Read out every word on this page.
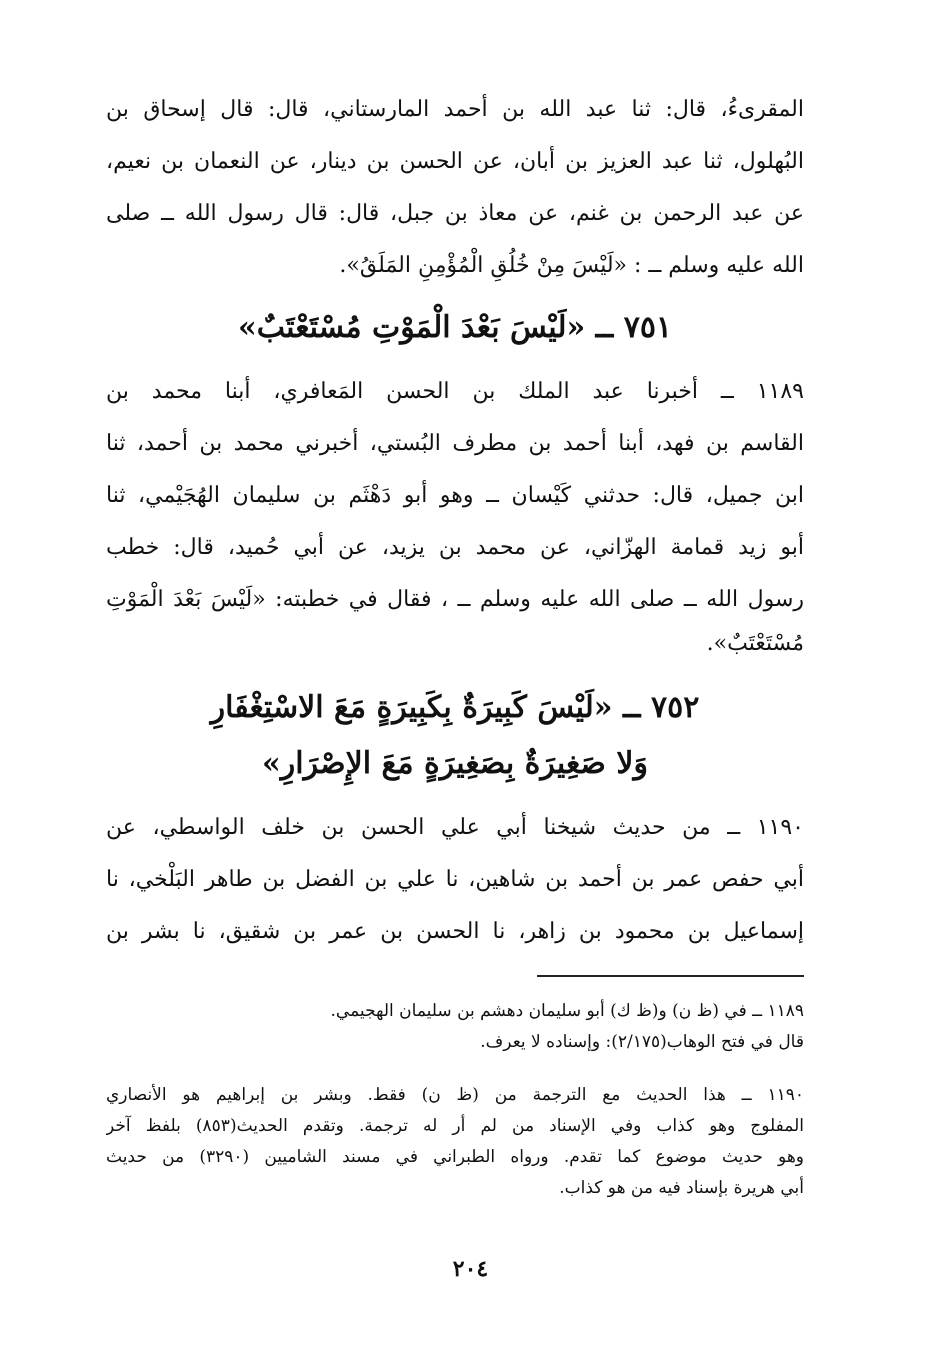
المقرىءُ، قال: ثنا عبد الله بن أحمد المارستاني، قال: قال إسحاق بن
البُهلول، ثنا عبد العزيز بن أبان، عن الحسن بن دينار، عن النعمان بن نعيم،
عن عبد الرحمن بن غنم، عن معاذ بن جبل، قال: قال رسول الله ــ صلى
الله عليه وسلم ــ : «لَيْسَ مِنْ خُلُقِ الْمُؤْمِنِ المَلَقُ».
٧٥١ ــ «لَيْسَ بَعْدَ الْمَوْتِ مُسْتَعْتَبٌ»
١١٨٩ ــ أخبرنا عبد الملك بن الحسن المَعافري، أبنا محمد بن
القاسم بن فهد، أبنا أحمد بن مطرف البُستي، أخبرني محمد بن أحمد، ثنا
ابن جميل، قال: حدثني كَيْسان ــ وهو أبو دَهْثَم بن سليمان الهُجَيْمي، ثنا
أبو زيد قمامة الهزّاني، عن محمد بن يزيد، عن أبي حُميد، قال: خطب
رسول الله ــ صلى الله عليه وسلم ــ ، فقال في خطبته: «لَيْسَ بَعْدَ الْمَوْتِ
مُسْتَعْتَبٌ».
٧٥٢ ــ «لَيْسَ كَبِيرَةٌ بِكَبِيرَةٍ مَعَ الاسْتِغْفَارِ
وَلا صَغِيرَةٌ بِصَغِيرَةٍ مَعَ الإِصْرَارِ»
١١٩٠ ــ من حديث شيخنا أبي علي الحسن بن خلف الواسطي، عن
أبي حفص عمر بن أحمد بن شاهين، نا علي بن الفضل بن طاهر البَلْخي، نا
إسماعيل بن محمود بن زاهر، نا الحسن بن عمر بن شقيق، نا بشر بن
١١٨٩ ــ في (ظ ن) و(ظ ك) أبو سليمان دهشم بن سليمان الهجيمي.
قال في فتح الوهاب(٢/١٧٥): وإسناده لا يعرف.
١١٩٠ ــ هذا الحديث مع الترجمة من (ظ ن) فقط. وبشر بن إبراهيم هو الأنصاري
المفلوج وهو كذاب وفي الإسناد من لم أر له ترجمة. وتقدم الحديث(٨٥٣) بلفظ آخر
وهو حديث موضوع كما تقدم. ورواه الطبراني في مسند الشاميين (٣٢٩٠) من حديث
أبي هريرة بإسناد فيه من هو كذاب.
٢٠٤
